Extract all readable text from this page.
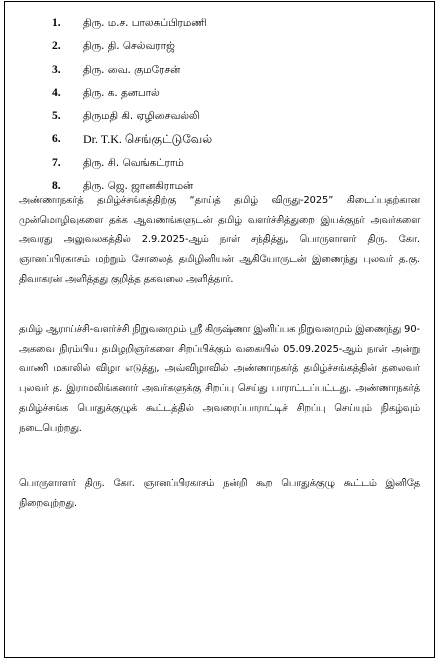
1. திரு. ம.ச. பாலசுப்பிரமணி
2. திரு. தி. செல்வராஜ்
3. திரு. வை. குமரேசன்
4. திரு. க. தனபால்
5. திருமதி கி. ஏழிசைவல்லி
6. Dr. T.K. செங்குட்டுவேல்
7. திரு. சி. வெங்கட்ராம்
8. திரு. ஜெ. ஜானகிராமன்

அண்ணாநகர்த் தமிழ்ச்சங்கத்திற்கு “தாய்த் தமிழ் விருது-2025” கிடைப்பதற்கான முன்மொழிவுகளை தக்க ஆவணங்களுடன் தமிழ் வளர்ச்சித்துறை இயக்குநர் அவர்களை அவரது அலுவலகத்தில் 2.9.2025-ஆம் நாள் சந்தித்து, பொருளாளர் திரு. கோ. ஞானப்பிரகாசம் மற்றும் சோலைத் தமிழினியன் ஆகியோருடன் இணைந்து புலவர் த.கு. திவாகரன் அளித்தது குறித்த தகவலை அளித்தார்.

தமிழ் ஆராய்ச்சி-வளர்ச்சி நிறுவனமும் ஸ்ரீ கிருஷ்ணா இனிப்பக நிறுவனமும் இணைந்து 90-அகவை நிரம்பிய தமிழறிஞர்களை சிறப்பிக்கும் வகையில் 05.09.2025-ஆம் நாள் அன்று வாணி மகாலில் விழா எடுத்து, அவ்விழாவில் அண்ணாநகர்த் தமிழ்ச்சங்கத்தின் தலைவர் புலவர் த. இராமலிங்கனார் அவர்களுக்கு சிறப்பு செய்து பாராட்டப்பட்டது. அண்ணாநகர்த் தமிழ்ச்சங்க பொதுக்குழுக் கூட்டத்தில் அவரைப்பாராட்டிச் சிறப்பு செய்யும் நிகழ்வும் நடைபெற்றது.

பொருளாளர் திரு. கோ. ஞானப்பிரகாசம் நன்றி கூற பொதுக்குழு கூட்டம் இனிதே நிறைவுற்றது.
